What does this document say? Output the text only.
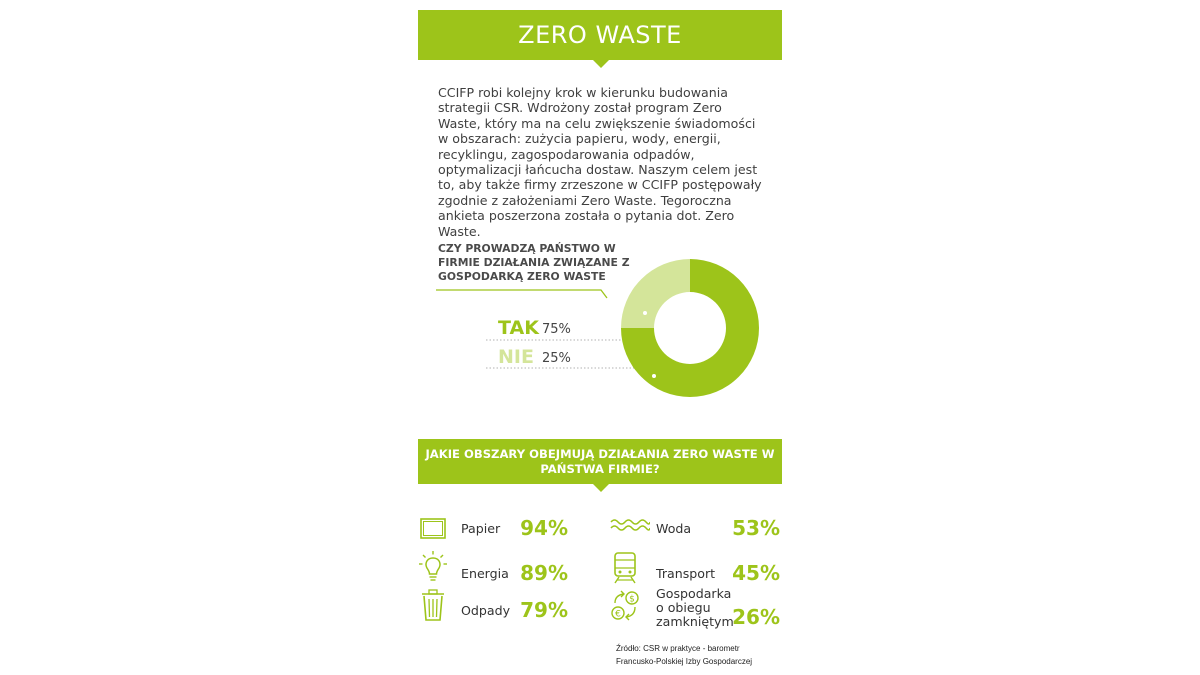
ZERO WASTE
CCIFP robi kolejny krok w kierunku budowania strategii CSR. Wdrożony został program Zero Waste, który ma na celu zwiększenie świadomości w obszarach: zużycia papieru, wody, energii, recyklingu, zagospodarowania odpadów, optymalizacji łańcucha dostaw. Naszym celem jest to, aby także firmy zrzeszone w CCIFP postępowały zgodnie z założeniami Zero Waste. Tegoroczna ankieta poszerzona została o pytania dot. Zero Waste.
CZY PROWADZĄ PAŃSTWO W FIRMIE DZIAŁANIA ZWIĄZANE Z GOSPODARKĄ ZERO WASTE
TAK 75%
NIE 25%
JAKIE OBSZARY OBEJMUJĄ DZIAŁANIA ZERO WASTE W PAŃSTWA FIRMIE?
Papier 94%
Energia 89%
Odpady 79%
Woda 53%
Transport 45%
€
$ Gospodarka
o obiegu
zamkniętym
26%
Źródło: CSR w praktyce - barometr
Francusko-Polskiej Izby Gospodarczej
